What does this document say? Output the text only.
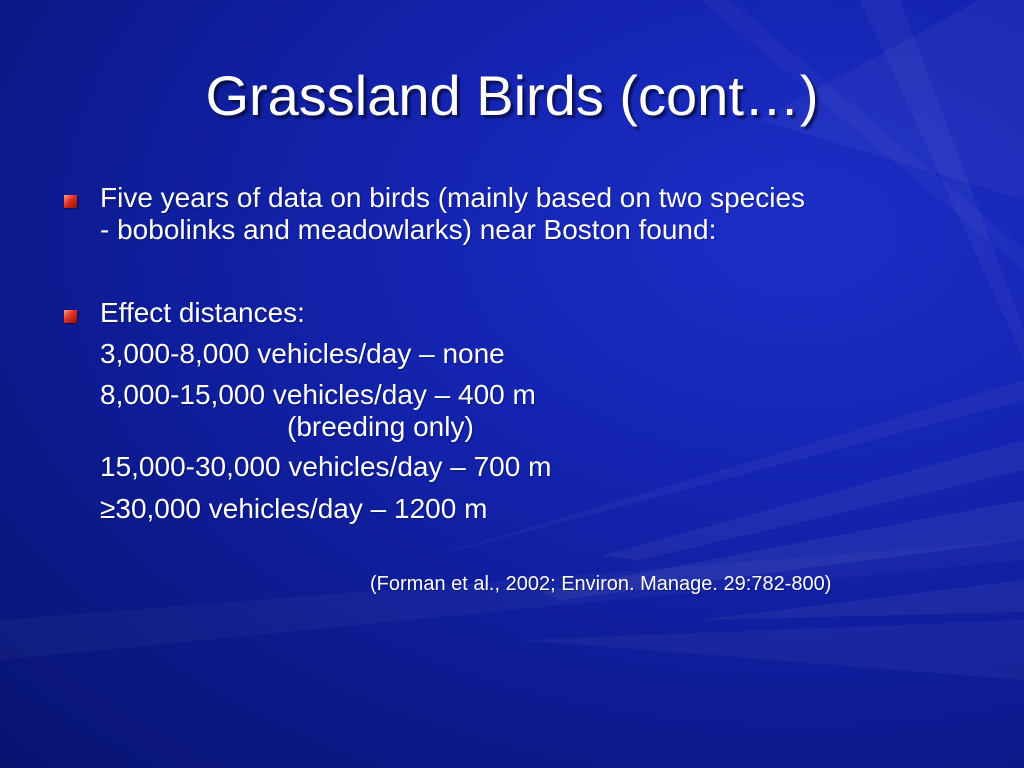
Grassland Birds (cont…)
Five years of data on birds (mainly based on two species
- bobolinks and meadowlarks) near Boston found:
Effect distances:
3,000-8,000 vehicles/day – none
8,000-15,000 vehicles/day – 400 m
(breeding only)
15,000-30,000 vehicles/day – 700 m
≥30,000 vehicles/day – 1200 m
(Forman et al., 2002; Environ. Manage. 29:782-800)
